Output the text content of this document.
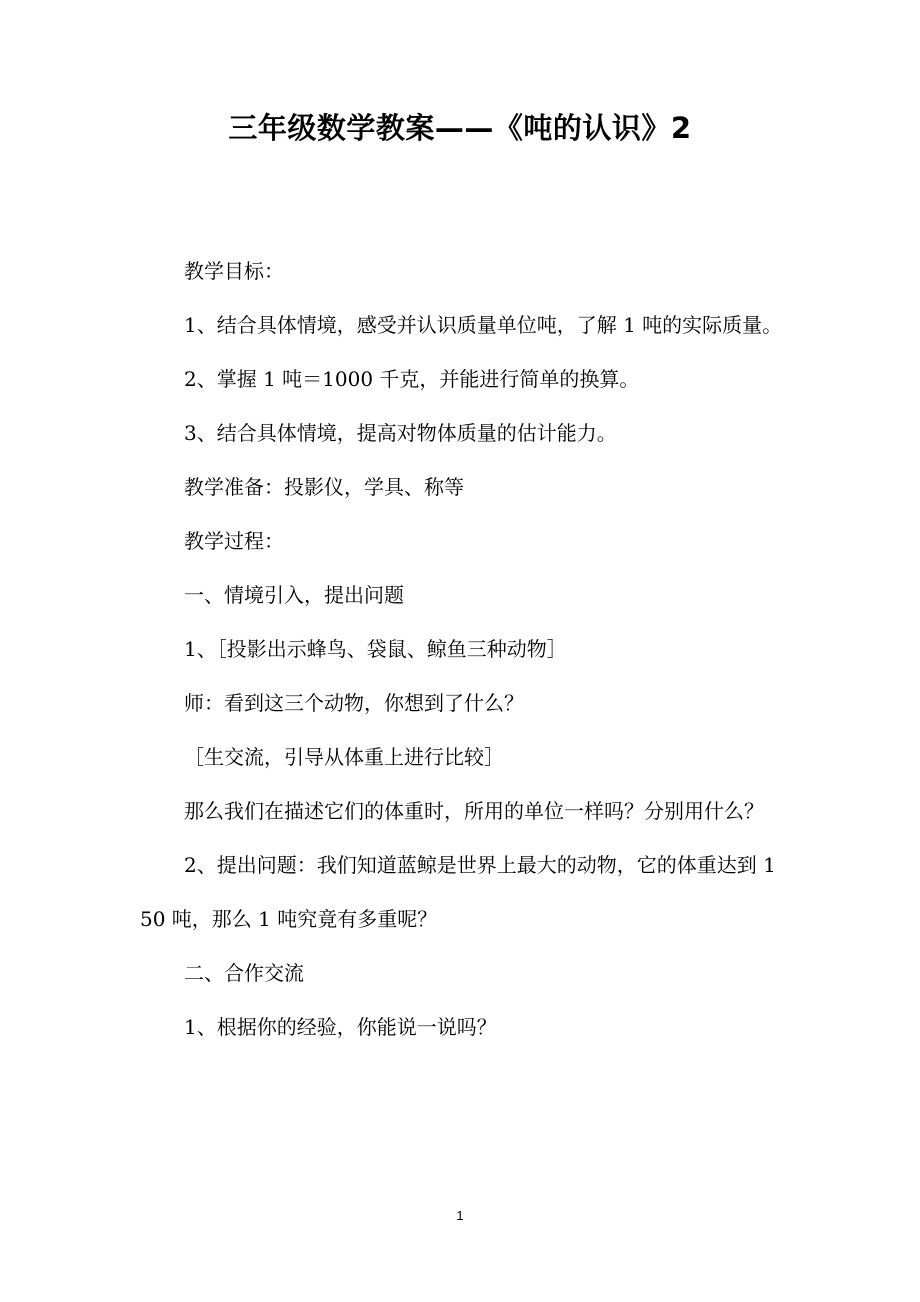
三年级数学教案——《吨的认识》2

教学目标：

1、结合具体情境，感受并认识质量单位吨，了解 1 吨的实际质量。

2、掌握 1 吨＝1000 千克，并能进行简单的换算。

3、结合具体情境，提高对物体质量的估计能力。

教学准备：投影仪，学具、称等

教学过程：

一、情境引入，提出问题

1、［投影出示蜂鸟、袋鼠、鲸鱼三种动物］

师：看到这三个动物，你想到了什么？

［生交流，引导从体重上进行比较］

那么我们在描述它们的体重时，所用的单位一样吗？分别用什么？

2、提出问题：我们知道蓝鲸是世界上最大的动物，它的体重达到 150 吨，那么 1 吨究竟有多重呢？

二、合作交流

1、根据你的经验，你能说一说吗？

1
